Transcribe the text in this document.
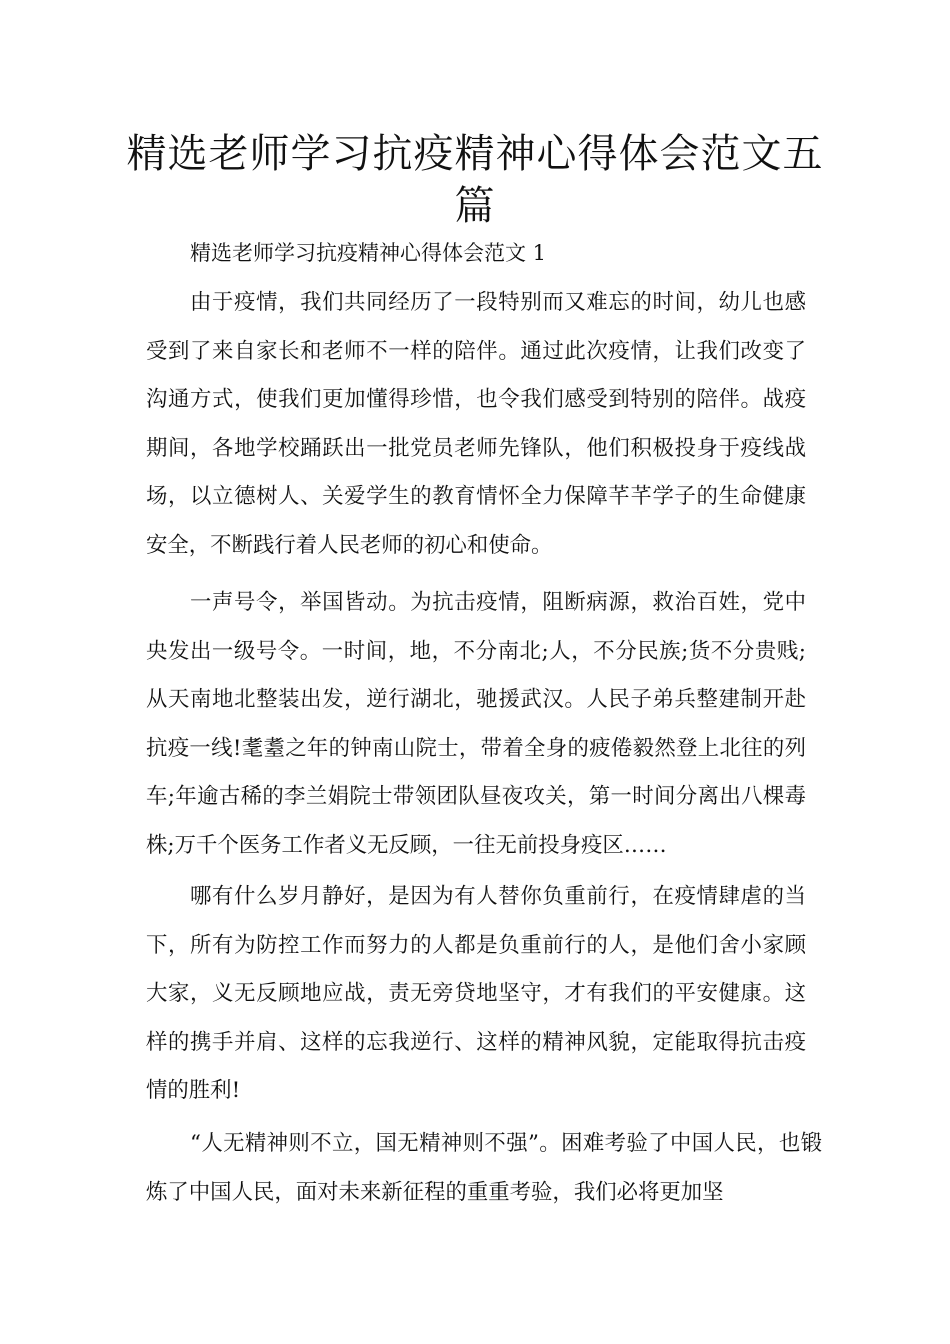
精选老师学习抗疫精神心得体会范文五篇

精选老师学习抗疫精神心得体会范文 1

由于疫情，我们共同经历了一段特别而又难忘的时间，幼儿也感受到了来自家长和老师不一样的陪伴。通过此次疫情，让我们改变了沟通方式，使我们更加懂得珍惜，也令我们感受到特别的陪伴。战疫期间，各地学校踊跃出一批党员老师先锋队，他们积极投身于疫线战场，以立德树人、关爱学生的教育情怀全力保障芊芊学子的生命健康安全，不断践行着人民老师的初心和使命。

一声号令，举国皆动。为抗击疫情，阻断病源，救治百姓，党中央发出一级号令。一时间，地，不分南北;人，不分民族;货不分贵贱;从天南地北整装出发，逆行湖北，驰援武汉。人民子弟兵整建制开赴抗疫一线!耄耋之年的钟南山院士，带着全身的疲倦毅然登上北往的列车;年逾古稀的李兰娟院士带领团队昼夜攻关，第一时间分离出八棵毒株;万千个医务工作者义无反顾，一往无前投身疫区……

哪有什么岁月静好，是因为有人替你负重前行，在疫情肆虐的当下，所有为防控工作而努力的人都是负重前行的人，是他们舍小家顾大家，义无反顾地应战，责无旁贷地坚守，才有我们的平安健康。这样的携手并肩、这样的忘我逆行、这样的精神风貌，定能取得抗击疫情的胜利!

“人无精神则不立，国无精神则不强”。困难考验了中国人民，也锻炼了中国人民，面对未来新征程的重重考验，我们必将更加坚
